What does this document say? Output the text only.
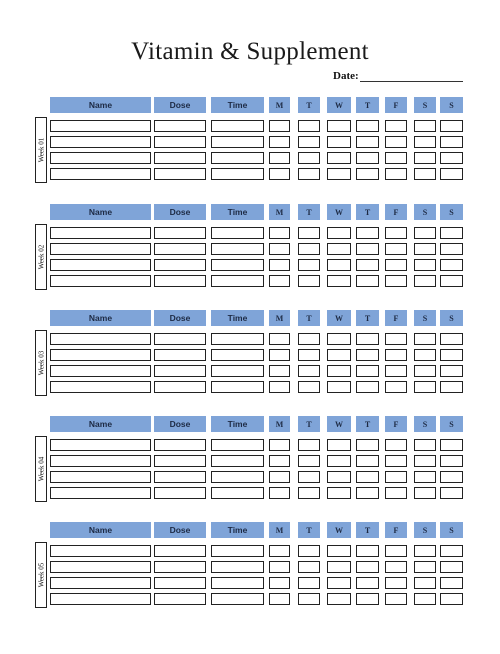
Vitamin & Supplement
Date:
Name	Dose	Time	M	T	W	T	F	S	S
Week 01
Name	Dose	Time	M	T	W	T	F	S	S
Week 02
Name	Dose	Time	M	T	W	T	F	S	S
Week 03
Name	Dose	Time	M	T	W	T	F	S	S
Week 04
Name	Dose	Time	M	T	W	T	F	S	S
Week 05
